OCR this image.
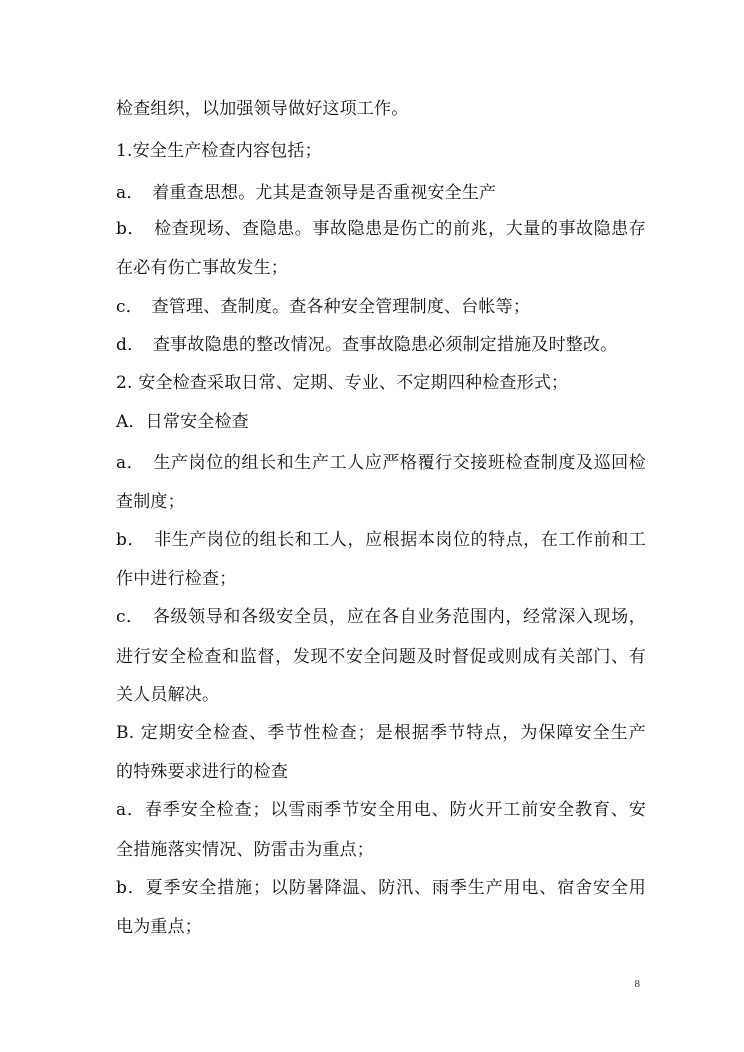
检查组织，以加强领导做好这项工作。

1.安全生产检查内容包括；

a．　着重查思想。尤其是查领导是否重视安全生产

b．　检查现场、查隐患。事故隐患是伤亡的前兆，大量的事故隐患存

在必有伤亡事故发生；

c．　查管理、查制度。查各种安全管理制度、台帐等；

d．　查事故隐患的整改情况。查事故隐患必须制定措施及时整改。

2. 安全检查采取日常、定期、专业、不定期四种检查形式；

A．日常安全检查

a．　生产岗位的组长和生产工人应严格覆行交接班检查制度及巡回检

查制度；

b．　非生产岗位的组长和工人，应根据本岗位的特点，在工作前和工

作中进行检查；

c．　各级领导和各级安全员，应在各自业务范围内，经常深入现场，

进行安全检查和监督，发现不安全问题及时督促或则成有关部门、有

关人员解决。

B. 定期安全检查、季节性检查；是根据季节特点，为保障安全生产

的特殊要求进行的检查

a．春季安全检查；以雪雨季节安全用电、防火开工前安全教育、安

全措施落实情况、防雷击为重点；

b．夏季安全措施；以防暑降温、防汛、雨季生产用电、宿舍安全用

电为重点；

8
